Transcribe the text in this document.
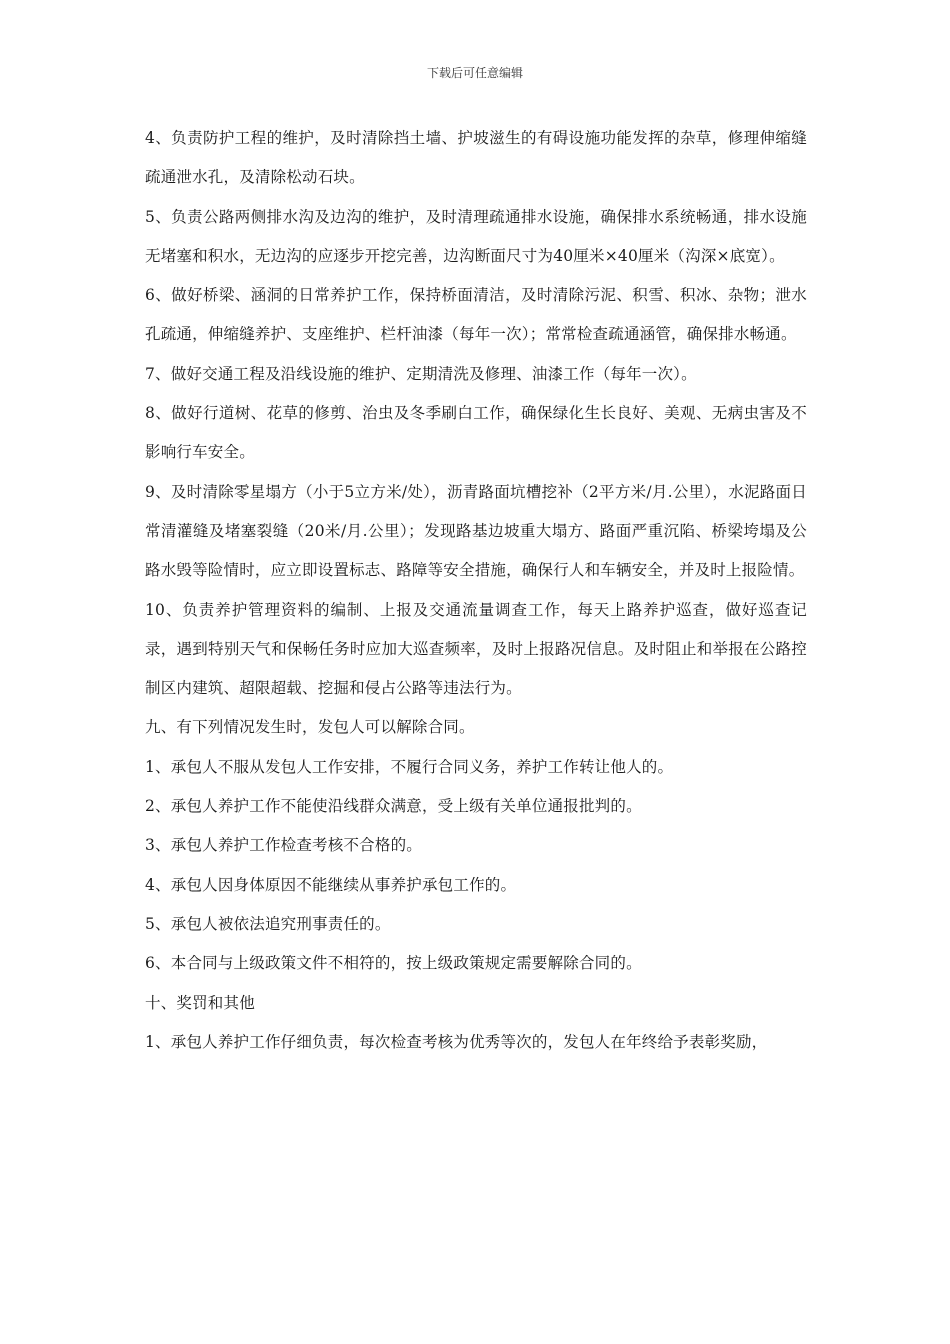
下载后可任意编辑

4、负责防护工程的维护，及时清除挡土墙、护坡滋生的有碍设施功能发挥的杂草，修理伸缩缝疏通泄水孔，及清除松动石块。

5、负责公路两侧排水沟及边沟的维护，及时清理疏通排水设施，确保排水系统畅通，排水设施无堵塞和积水，无边沟的应逐步开挖完善，边沟断面尺寸为40厘米×40厘米（沟深×底宽）。

6、做好桥梁、涵洞的日常养护工作，保持桥面清洁，及时清除污泥、积雪、积冰、杂物；泄水孔疏通，伸缩缝养护、支座维护、栏杆油漆（每年一次）；常常检查疏通涵管，确保排水畅通。

7、做好交通工程及沿线设施的维护、定期清洗及修理、油漆工作（每年一次）。

8、做好行道树、花草的修剪、治虫及冬季刷白工作，确保绿化生长良好、美观、无病虫害及不影响行车安全。

9、及时清除零星塌方（小于5立方米/处），沥青路面坑槽挖补（2平方米/月.公里），水泥路面日常清灌缝及堵塞裂缝（20米/月.公里）；发现路基边坡重大塌方、路面严重沉陷、桥梁垮塌及公路水毁等险情时，应立即设置标志、路障等安全措施，确保行人和车辆安全，并及时上报险情。

10、负责养护管理资料的编制、上报及交通流量调查工作，每天上路养护巡查，做好巡查记录，遇到特别天气和保畅任务时应加大巡查频率，及时上报路况信息。及时阻止和举报在公路控制区内建筑、超限超载、挖掘和侵占公路等违法行为。

九、有下列情况发生时，发包人可以解除合同。

1、承包人不服从发包人工作安排，不履行合同义务，养护工作转让他人的。

2、承包人养护工作不能使沿线群众满意，受上级有关单位通报批判的。

3、承包人养护工作检查考核不合格的。

4、承包人因身体原因不能继续从事养护承包工作的。

5、承包人被依法追究刑事责任的。

6、本合同与上级政策文件不相符的，按上级政策规定需要解除合同的。

十、奖罚和其他

1、承包人养护工作仔细负责，每次检查考核为优秀等次的，发包人在年终给予表彰奖励，
